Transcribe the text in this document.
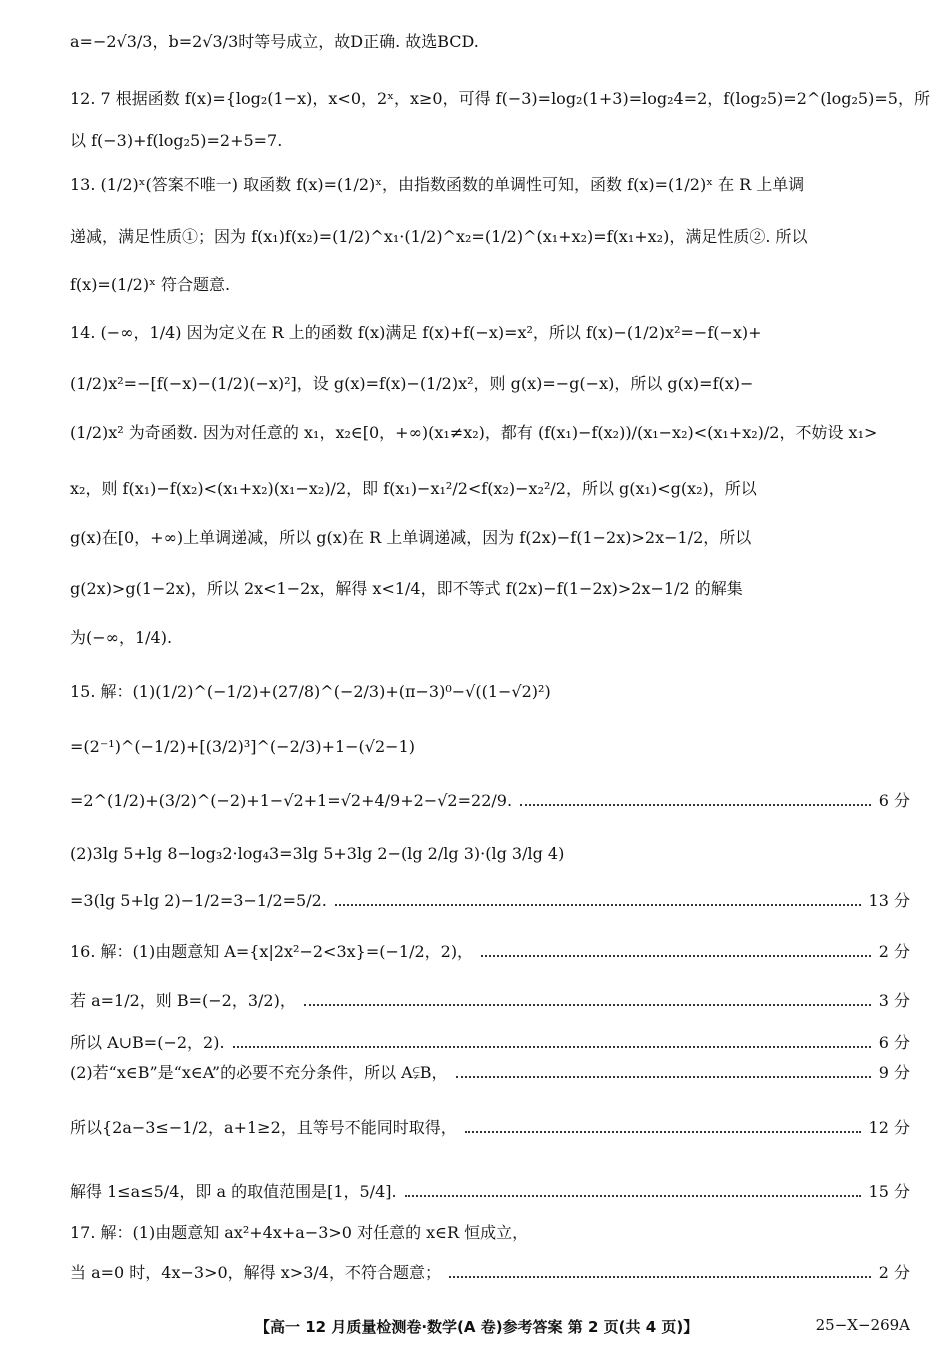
a=−2√3/3，b=2√3/3时等号成立，故D正确. 故选BCD.
12. 7 根据函数 f(x)={log₂(1−x)，x<0，2ˣ，x≥0，可得 f(−3)=log₂(1+3)=log₂4=2，f(log₂5)=2^(log₂5)=5，所
以 f(−3)+f(log₂5)=2+5=7.
13. (1/2)ˣ(答案不唯一) 取函数 f(x)=(1/2)ˣ，由指数函数的单调性可知，函数 f(x)=(1/2)ˣ 在 R 上单调
递减，满足性质①；因为 f(x₁)f(x₂)=(1/2)^x₁·(1/2)^x₂=(1/2)^(x₁+x₂)=f(x₁+x₂)，满足性质②. 所以
f(x)=(1/2)ˣ 符合题意.
14. (−∞，1/4) 因为定义在 R 上的函数 f(x)满足 f(x)+f(−x)=x²，所以 f(x)−(1/2)x²=−f(−x)+
(1/2)x²=−[f(−x)−(1/2)(−x)²]，设 g(x)=f(x)−(1/2)x²，则 g(x)=−g(−x)，所以 g(x)=f(x)−
(1/2)x² 为奇函数. 因为对任意的 x₁，x₂∈[0，+∞)(x₁≠x₂)，都有 (f(x₁)−f(x₂))/(x₁−x₂)<(x₁+x₂)/2，不妨设 x₁>
x₂，则 f(x₁)−f(x₂)<(x₁+x₂)(x₁−x₂)/2，即 f(x₁)−x₁²/2<f(x₂)−x₂²/2，所以 g(x₁)<g(x₂)，所以
g(x)在[0，+∞)上单调递减，所以 g(x)在 R 上单调递减，因为 f(2x)−f(1−2x)>2x−1/2，所以
g(2x)>g(1−2x)，所以 2x<1−2x，解得 x<1/4，即不等式 f(2x)−f(1−2x)>2x−1/2 的解集
为(−∞，1/4).
15. 解：(1)(1/2)^(−1/2)+(27/8)^(−2/3)+(π−3)⁰−√((1−√2)²)
=(2⁻¹)^(−1/2)+[(3/2)³]^(−2/3)+1−(√2−1)
=2^(1/2)+(3/2)^(−2)+1−√2+1=√2+4/9+2−√2=22/9.	6 分
(2)3lg 5+lg 8−log₃2·log₄3=3lg 5+3lg 2−(lg 2/lg 3)·(lg 3/lg 4)
=3(lg 5+lg 2)−1/2=3−1/2=5/2.	13 分
16. 解：(1)由题意知 A={x|2x²−2<3x}=(−1/2，2)，	2 分
若 a=1/2，则 B=(−2，3/2)，	3 分
所以 A∪B=(−2，2).	6 分
(2)若“x∈B”是“x∈A”的必要不充分条件，所以 A⫋B，	9 分
所以{2a−3≤−1/2，a+1≥2，且等号不能同时取得，	12 分
解得 1≤a≤5/4，即 a 的取值范围是[1，5/4].	15 分
17. 解：(1)由题意知 ax²+4x+a−3>0 对任意的 x∈R 恒成立，
当 a=0 时，4x−3>0，解得 x>3/4，不符合题意；	2 分
【高一 12 月质量检测卷·数学(A 卷)参考答案 第 2 页(共 4 页)】	25−X−269A
